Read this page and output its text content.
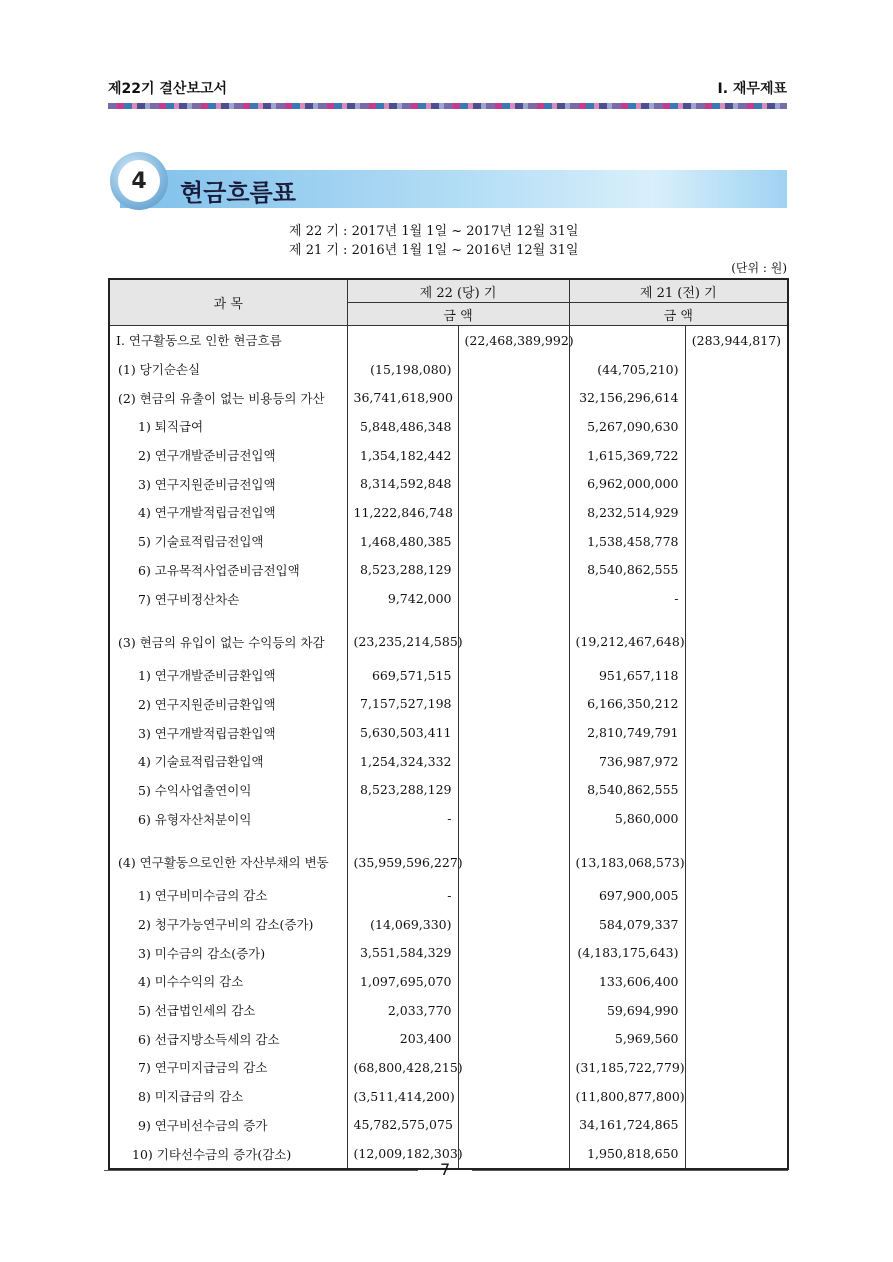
제22기 결산보고서	Ⅰ. 재무제표
4	현금흐름표
제 22 기 : 2017년 1월 1일 ~ 2017년 12월 31일
제 21 기 : 2016년 1월 1일 ~ 2016년 12월 31일
(단위 : 원)
과 목	제 22 (당) 기		제 21 (전) 기	
	금 액		금 액	
Ⅰ. 연구활동으로 인한 현금흐름		(22,468,389,992)		(283,944,817)
(1) 당기순손실	(15,198,080)		(44,705,210)	
(2) 현금의 유출이 없는 비용등의 가산	36,741,618,900		32,156,296,614	
1) 퇴직급여	5,848,486,348		5,267,090,630	
2) 연구개발준비금전입액	1,354,182,442		1,615,369,722	
3) 연구지원준비금전입액	8,314,592,848		6,962,000,000	
4) 연구개발적립금전입액	11,222,846,748		8,232,514,929	
5) 기술료적립금전입액	1,468,480,385		1,538,458,778	
6) 고유목적사업준비금전입액	8,523,288,129		8,540,862,555	
7) 연구비정산차손	9,742,000		-	
(3) 현금의 유입이 없는 수익등의 차감	(23,235,214,585)		(19,212,467,648)	
1) 연구개발준비금환입액	669,571,515		951,657,118	
2) 연구지원준비금환입액	7,157,527,198		6,166,350,212	
3) 연구개발적립금환입액	5,630,503,411		2,810,749,791	
4) 기술료적립금환입액	1,254,324,332		736,987,972	
5) 수익사업출연이익	8,523,288,129		8,540,862,555	
6) 유형자산처분이익	-		5,860,000	
(4) 연구활동으로인한 자산부채의 변동	(35,959,596,227)		(13,183,068,573)	
1) 연구비미수금의 감소	-		697,900,005	
2) 청구가능연구비의 감소(증가)	(14,069,330)		584,079,337	
3) 미수금의 감소(증가)	3,551,584,329		(4,183,175,643)	
4) 미수수익의 감소	1,097,695,070		133,606,400	
5) 선급법인세의 감소	2,033,770		59,694,990	
6) 선급지방소득세의 감소	203,400		5,969,560	
7) 연구미지급금의 감소	(68,800,428,215)		(31,185,722,779)	
8) 미지급금의 감소	(3,511,414,200)		(11,800,877,800)	
9) 연구비선수금의 증가	45,782,575,075		34,161,724,865	
10) 기타선수금의 증가(감소)	(12,009,182,303)		1,950,818,650	
7
